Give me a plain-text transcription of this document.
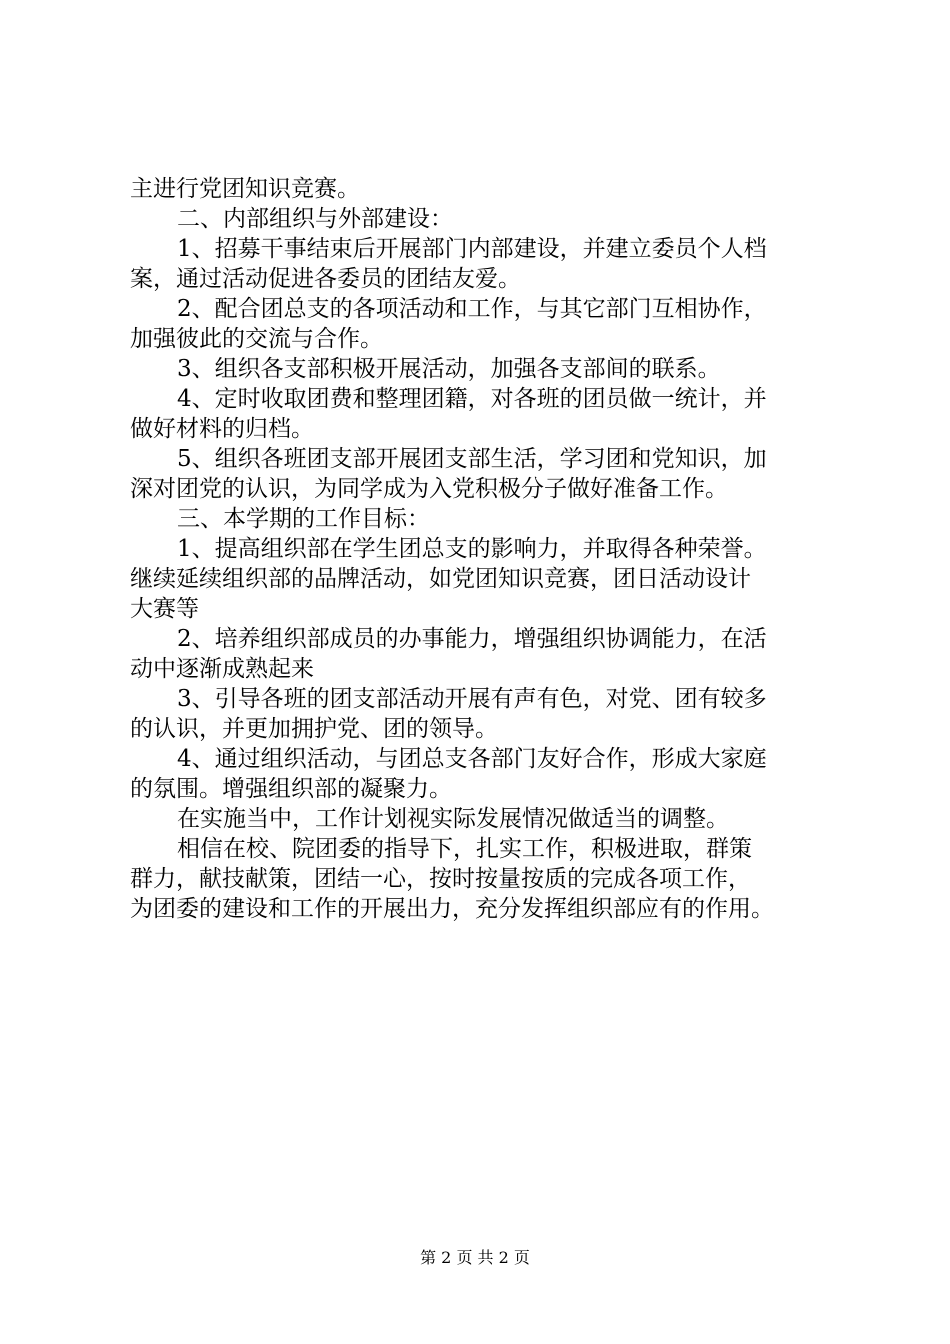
主进行党团知识竞赛。
二、内部组织与外部建设：
1、招募干事结束后开展部门内部建设，并建立委员个人档
案，通过活动促进各委员的团结友爱。
2、配合团总支的各项活动和工作，与其它部门互相协作，
加强彼此的交流与合作。
3、组织各支部积极开展活动，加强各支部间的联系。
4、定时收取团费和整理团籍，对各班的团员做一统计，并
做好材料的归档。
5、组织各班团支部开展团支部生活，学习团和党知识，加
深对团党的认识，为同学成为入党积极分子做好准备工作。
三、本学期的工作目标：
1、提高组织部在学生团总支的影响力，并取得各种荣誉。
继续延续组织部的品牌活动，如党团知识竞赛，团日活动设计
大赛等
2、培养组织部成员的办事能力，增强组织协调能力，在活
动中逐渐成熟起来
3、引导各班的团支部活动开展有声有色，对党、团有较多
的认识，并更加拥护党、团的领导。
4、通过组织活动，与团总支各部门友好合作，形成大家庭
的氛围。增强组织部的凝聚力。
在实施当中，工作计划视实际发展情况做适当的调整。
相信在校、院团委的指导下，扎实工作，积极进取，群策
群力，献技献策，团结一心，按时按量按质的完成各项工作，
为团委的建设和工作的开展出力，充分发挥组织部应有的作用。
第 2 页 共 2 页
